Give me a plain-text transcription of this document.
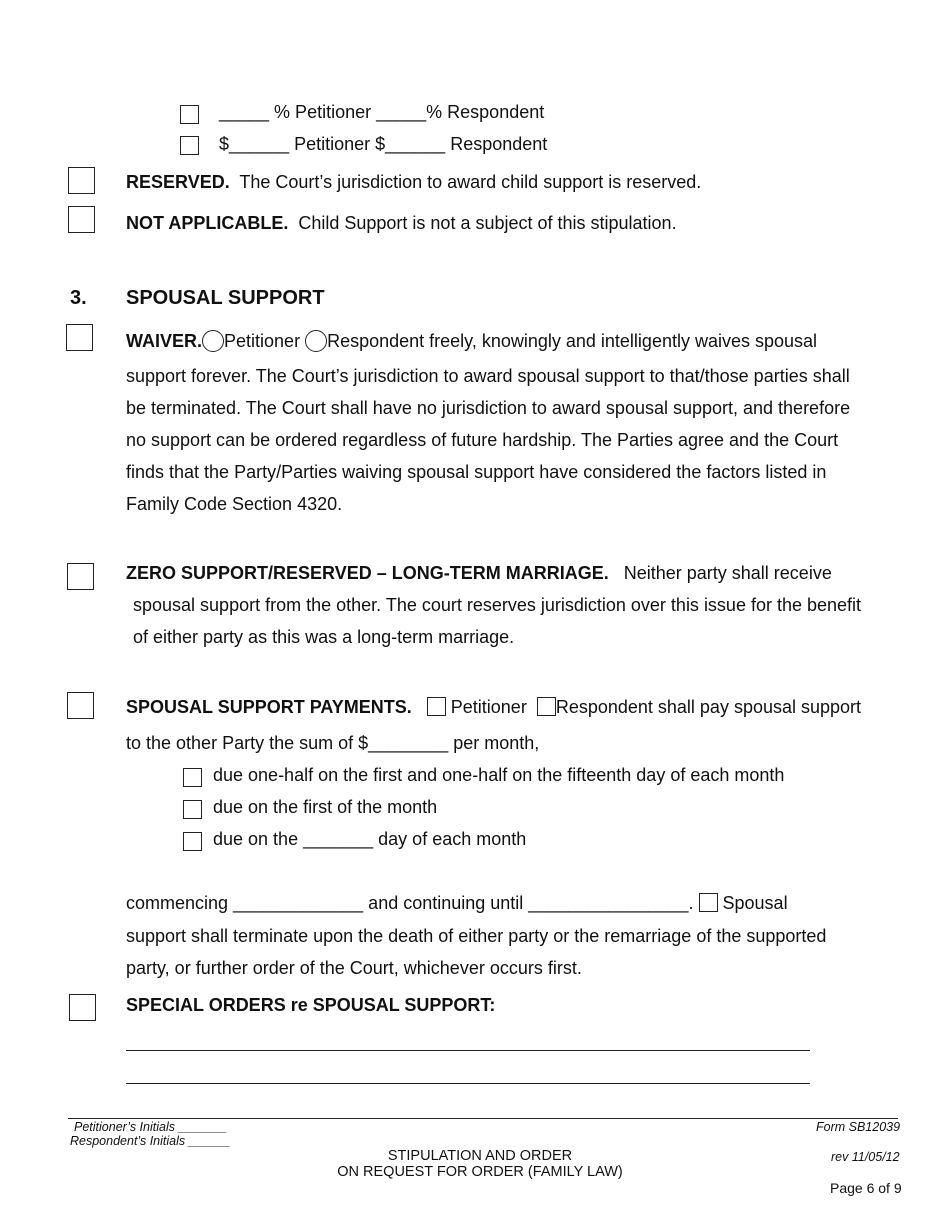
_____ % Petitioner _____% Respondent
$______ Petitioner $______ Respondent
RESERVED. The Court’s jurisdiction to award child support is reserved.
NOT APPLICABLE. Child Support is not a subject of this stipulation.
3. SPOUSAL SUPPORT
WAIVER. Petitioner Respondent freely, knowingly and intelligently waives spousal
support forever. The Court’s jurisdiction to award spousal support to that/those parties shall
be terminated. The Court shall have no jurisdiction to award spousal support, and therefore
no support can be ordered regardless of future hardship. The Parties agree and the Court
finds that the Party/Parties waiving spousal support have considered the factors listed in
Family Code Section 4320.
ZERO SUPPORT/RESERVED – LONG-TERM MARRIAGE. Neither party shall receive
spousal support from the other. The court reserves jurisdiction over this issue for the benefit
of either party as this was a long-term marriage.
SPOUSAL SUPPORT PAYMENTS. Petitioner Respondent shall pay spousal support
to the other Party the sum of $________ per month,
due one-half on the first and one-half on the fifteenth day of each month
due on the first of the month
due on the _______ day of each month
commencing _____________ and continuing until ________________. Spousal
support shall terminate upon the death of either party or the remarriage of the supported
party, or further order of the Court, whichever occurs first.
SPECIAL ORDERS re SPOUSAL SUPPORT:
Petitioner’s Initials _______
Respondent’s Initials ______
Form SB12039
STIPULATION AND ORDER
ON REQUEST FOR ORDER (FAMILY LAW)
rev 11/05/12
Page 6 of 9
